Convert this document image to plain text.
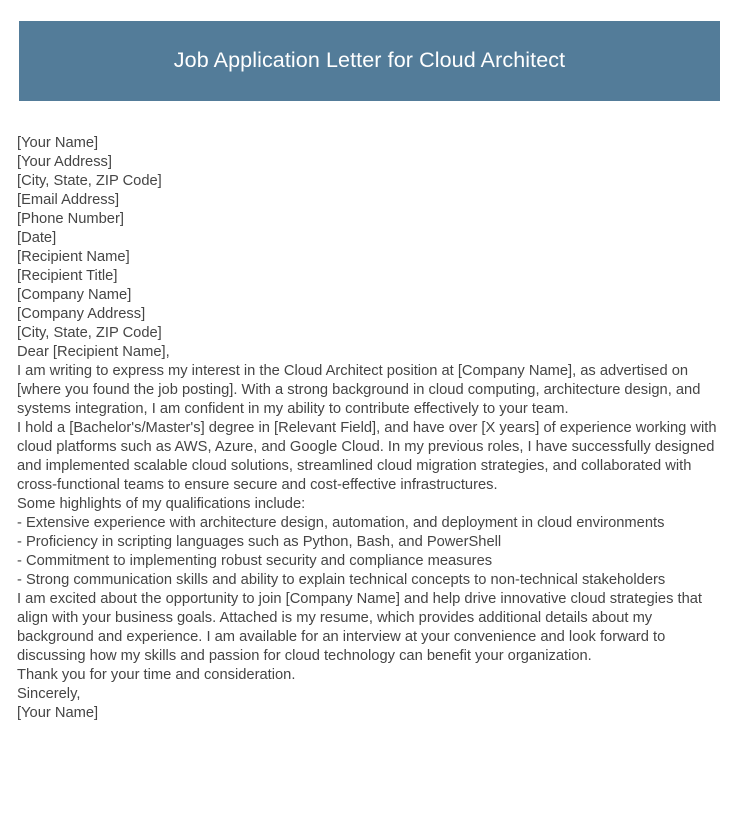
Job Application Letter for Cloud Architect
[Your Name]
[Your Address]
[City, State, ZIP Code]
[Email Address]
[Phone Number]
[Date]
[Recipient Name]
[Recipient Title]
[Company Name]
[Company Address]
[City, State, ZIP Code]
Dear [Recipient Name],
I am writing to express my interest in the Cloud Architect position at [Company Name], as advertised on [where you found the job posting]. With a strong background in cloud computing, architecture design, and systems integration, I am confident in my ability to contribute effectively to your team.
I hold a [Bachelor's/Master's] degree in [Relevant Field], and have over [X years] of experience working with cloud platforms such as AWS, Azure, and Google Cloud. In my previous roles, I have successfully designed and implemented scalable cloud solutions, streamlined cloud migration strategies, and collaborated with cross-functional teams to ensure secure and cost-effective infrastructures.
Some highlights of my qualifications include:
- Extensive experience with architecture design, automation, and deployment in cloud environments
- Proficiency in scripting languages such as Python, Bash, and PowerShell
- Commitment to implementing robust security and compliance measures
- Strong communication skills and ability to explain technical concepts to non-technical stakeholders
I am excited about the opportunity to join [Company Name] and help drive innovative cloud strategies that align with your business goals. Attached is my resume, which provides additional details about my background and experience. I am available for an interview at your convenience and look forward to discussing how my skills and passion for cloud technology can benefit your organization.
Thank you for your time and consideration.
Sincerely,
[Your Name]
